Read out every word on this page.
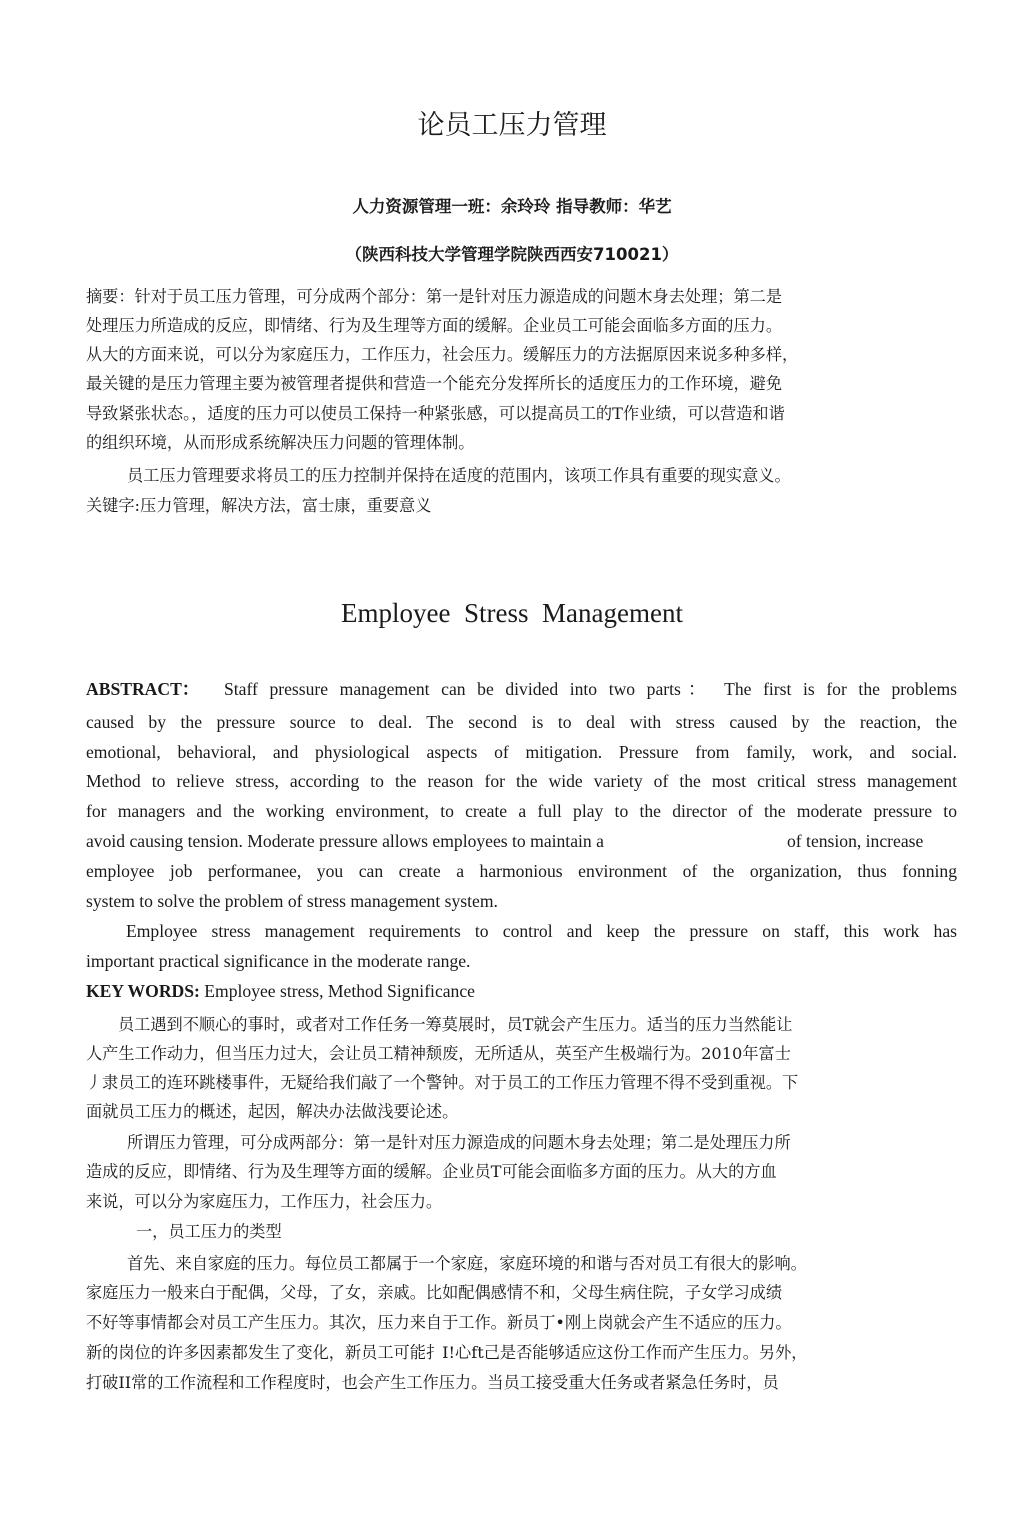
论员工压力管理
人力资源管理一班：余玲玲 指导教师：华艺
（陕西科技大学管理学院陕西西安710021）
摘要：针对于员工压力管理，可分成两个部分：第一是针对压力源造成的问题木身去处理；第二是
处理压力所造成的反应，即情绪、行为及生理等方面的缓解。企业员工可能会面临多方面的压力。
从大的方面来说，可以分为家庭压力，工作压力，社会压力。缓解压力的方法据原因来说多种多样，
最关键的是压力管理主要为被管理者提供和营造一个能充分发挥所长的适度压力的工作环境，避免
导致紧张状态。，适度的压力可以使员工保持一种紧张感，可以提高员工的T作业绩，可以营造和谐
的组织环境，从而形成系统解决压力问题的管理体制。
员工压力管理要求将员工的压力控制并保持在适度的范围内，该项工作具有重要的现实意义。
关键字:压力管理，解决方法，富士康，重要意义
Employee  Stress  Management
ABSTRACT： Staff pressure management can be divided into two parts： The first is for the problems
caused by the pressure source to deal. The second is to deal with stress caused by the reaction, the
emotional, behavioral, and physiological aspects of mitigation. Pressure from family, work, and social.
Method to relieve stress, according to the reason for the wide variety of the most critical stress management
for managers and the working environment, to create a full play to the director of the moderate pressure to
avoid causing tension. Moderate pressure allows employees to maintain a	of tension, increase
employee job performanee, you can create a harmonious environment of the organization, thus fonning
system to solve the problem of stress management system.
Employee stress management requirements to control and keep the pressure on staff, this work has
important practical significance in the moderate range.
KEY WORDS: Employee stress, Method Significance
员工遇到不顺心的事时，或者对工作任务一筹莫展时，员T就会产生压力。适当的压力当然能让
人产生工作动力，但当压力过大，会让员工精神颓废，无所适从，英至产生极端行为。2010年富士
丿隶员工的连环跳楼事件，无疑给我们敲了一个警钟。对于员工的工作压力管理不得不受到重视。下
面就员工压力的概述，起因，解决办法做浅要论述。
所谓压力管理，可分成两部分：第一是针对压力源造成的问题木身去处理；第二是处理压力所
造成的反应，即情绪、行为及生理等方面的缓解。企业员T可能会面临多方面的压力。从大的方血
来说，可以分为家庭压力，工作压力，社会压力。
一，员工压力的类型
首先、来自家庭的压力。每位员工都属于一个家庭，家庭环境的和谐与否对员工有很大的影响。
家庭压力一般来白于配偶，父母，了女，亲戚。比如配偶感情不和，父母生病住院，子女学习成绩
不好等事情都会对员工产生压力。其次，压力来自于工作。新员丁•刚上岗就会产生不适应的压力。
新的岗位的许多因素都发生了变化，新员工可能扌I!心ft己是否能够适应这份工作而产生压力。另外，
打破II常的工作流程和工作程度时，也会产生工作压力。当员工接受重大任务或者紧急任务时，员
